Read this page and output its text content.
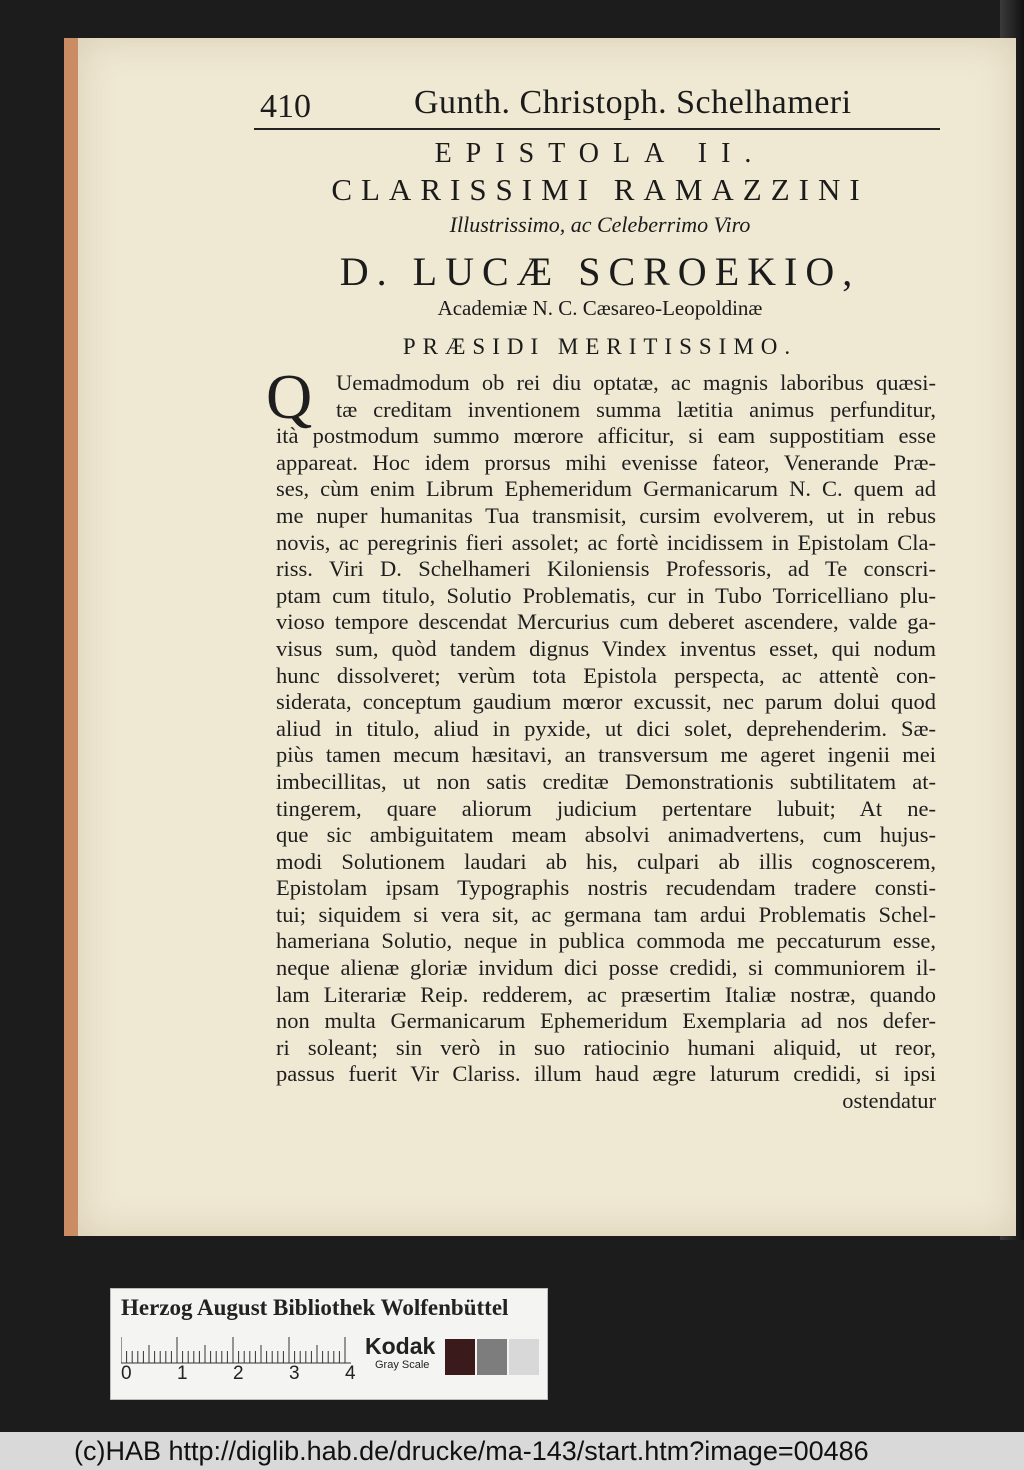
410	Gunth. Christoph. Schelhameri
EPISTOLA II.
CLARISSIMI RAMAZZINI
Illustrissimo, ac Celeberrimo Viro
D. LUCÆ SCROEKIO,
Academiæ N. C. Cæsareo-Leopoldinæ
PRÆSIDI MERITISSIMO.
Q	Uemadmodum ob rei diu optatæ, ac magnis laboribus quæsi-
tæ creditam inventionem summa lætitia animus perfunditur,
ità postmodum summo mœrore afficitur, si eam suppostitiam esse
appareat. Hoc idem prorsus mihi evenisse fateor, Venerande Præ-
ses, cùm enim Librum Ephemeridum Germanicarum N. C. quem ad
me nuper humanitas Tua transmisit, cursim evolverem, ut in rebus
novis, ac peregrinis fieri assolet; ac fortè incidissem in Epistolam Cla-
riss. Viri D. Schelhameri Kiloniensis Professoris, ad Te conscri-
ptam cum titulo, Solutio Problematis, cur in Tubo Torricelliano plu-
vioso tempore descendat Mercurius cum deberet ascendere, valde ga-
visus sum, quòd tandem dignus Vindex inventus esset, qui nodum
hunc dissolveret; verùm tota Epistola perspecta, ac attentè con-
siderata, conceptum gaudium mœror excussit, nec parum dolui quod
aliud in titulo, aliud in pyxide, ut dici solet, deprehenderim. Sæ-
piùs tamen mecum hæsitavi, an transversum me ageret ingenii mei
imbecillitas, ut non satis creditæ Demonstrationis subtilitatem at-
tingerem, quare aliorum judicium pertentare lubuit; At ne-
que sic ambiguitatem meam absolvi animadvertens, cum hujus-
modi Solutionem laudari ab his, culpari ab illis cognoscerem,
Epistolam ipsam Typographis nostris recudendam tradere consti-
tui; siquidem si vera sit, ac germana tam ardui Problematis Schel-
hameriana Solutio, neque in publica commoda me peccaturum esse,
neque alienæ gloriæ invidum dici posse credidi, si communiorem il-
lam Literariæ Reip. redderem, ac præsertim Italiæ nostræ, quando
non multa Germanicarum Ephemeridum Exemplaria ad nos defer-
ri soleant; sin verò in suo ratiocinio humani aliquid, ut reor,
passus fuerit Vir Clariss. illum haud ægre laturum credidi, si ipsi
ostendatur
Herzog August Bibliothek Wolfenbüttel
0 1 2 3 4
Kodak
Gray Scale
(c)HAB http://diglib.hab.de/drucke/ma-143/start.htm?image=00486
